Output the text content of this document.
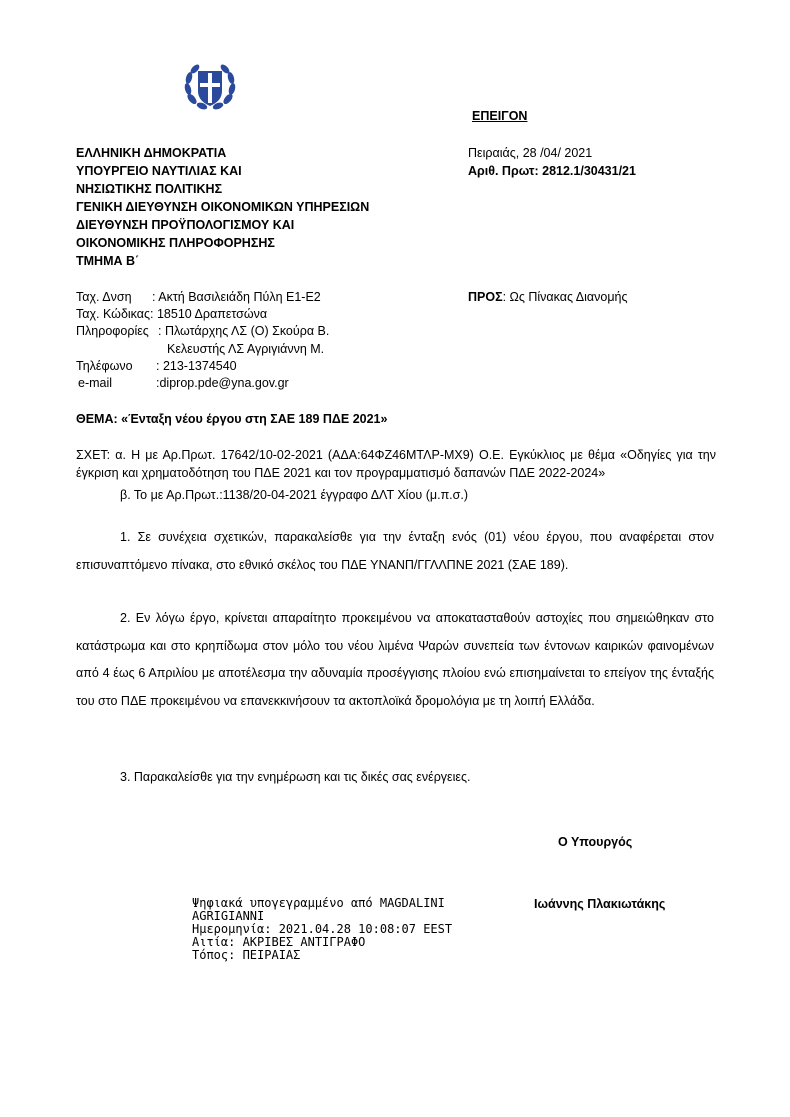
ΕΠΕΙΓΟΝ
ΕΛΛΗΝΙΚΗ ΔΗΜΟΚΡΑΤΙΑ
ΥΠΟΥΡΓΕΙΟ ΝΑΥΤΙΛΙΑΣ ΚΑΙ
ΝΗΣΙΩΤΙΚΗΣ ΠΟΛΙΤΙΚΗΣ
ΓΕΝΙΚΗ ΔΙΕΥΘΥΝΣΗ ΟΙΚΟΝΟΜΙΚΩΝ ΥΠΗΡΕΣΙΩΝ
ΔΙΕΥΘΥΝΣΗ ΠΡΟΫΠΟΛΟΓΙΣΜΟΥ ΚΑΙ
ΟΙΚΟΝΟΜΙΚΗΣ ΠΛΗΡΟΦΟΡΗΣΗΣ
ΤΜΗΜΑ Β΄
Πειραιάς, 28 /04/ 2021
Αριθ. Πρωτ: 2812.1/30431/21
Ταχ. Δνση : Ακτή Βασιλειάδη Πύλη Ε1-Ε2
Ταχ. Κώδικας: 18510 Δραπετσώνα
Πληροφορίες : Πλωτάρχης ΛΣ (Ο) Σκούρα Β.
Κελευστής ΛΣ Αγριγιάννη Μ.
Τηλέφωνο : 213-1374540
e-mail	:diprop.pde@yna.gov.gr
ΠΡΟΣ: Ως Πίνακας Διανομής
ΘΕΜΑ: «Ένταξη νέου έργου στη ΣΑΕ 189 ΠΔΕ 2021»
ΣΧΕΤ: α. Η με Αρ.Πρωτ. 17642/10-02-2021 (ΑΔΑ:64ΦΖ46ΜΤΛΡ-ΜΧ9) Ο.Ε. Εγκύκλιος με θέμα «Οδηγίες για την έγκριση και χρηματοδότηση του ΠΔΕ 2021 και τον προγραμματισμό δαπανών ΠΔΕ 2022-2024»
β. Το με Αρ.Πρωτ.:1138/20-04-2021 έγγραφο ΔΛΤ Χίου (μ.π.σ.)
1. Σε συνέχεια σχετικών, παρακαλείσθε για την ένταξη ενός (01) νέου έργου, που αναφέρεται στον επισυναπτόμενο πίνακα, στο εθνικό σκέλος του ΠΔΕ ΥΝΑΝΠ/ΓΓΛΛΠΝΕ 2021 (ΣΑΕ 189).
2. Εν λόγω έργο, κρίνεται απαραίτητο προκειμένου να αποκατασταθούν αστοχίες που σημειώθηκαν στο κατάστρωμα και στο κρηπίδωμα στον μόλο του νέου λιμένα Ψαρών συνεπεία των έντονων καιρικών φαινομένων από 4 έως 6 Απριλίου με αποτέλεσμα την αδυναμία προσέγγισης πλοίου ενώ επισημαίνεται το επείγον της ένταξής του στο ΠΔΕ προκειμένου να επανεκκινήσουν τα ακτοπλοϊκά δρομολόγια με τη λοιπή Ελλάδα.
3. Παρακαλείσθε για την ενημέρωση και τις δικές σας ενέργειες.
Ο Υπουργός
Ψηφιακά υπογεγραμμένο από MAGDALINI
AGRIGIANNI
Ημερομηνία: 2021.04.28 10:08:07 EEST
Αιτία: ΑΚΡΙΒΕΣ ΑΝΤΙΓΡΑΦΟ
Τόπος: ΠΕΙΡΑΙΑΣ
Ιωάννης Πλακιωτάκης
